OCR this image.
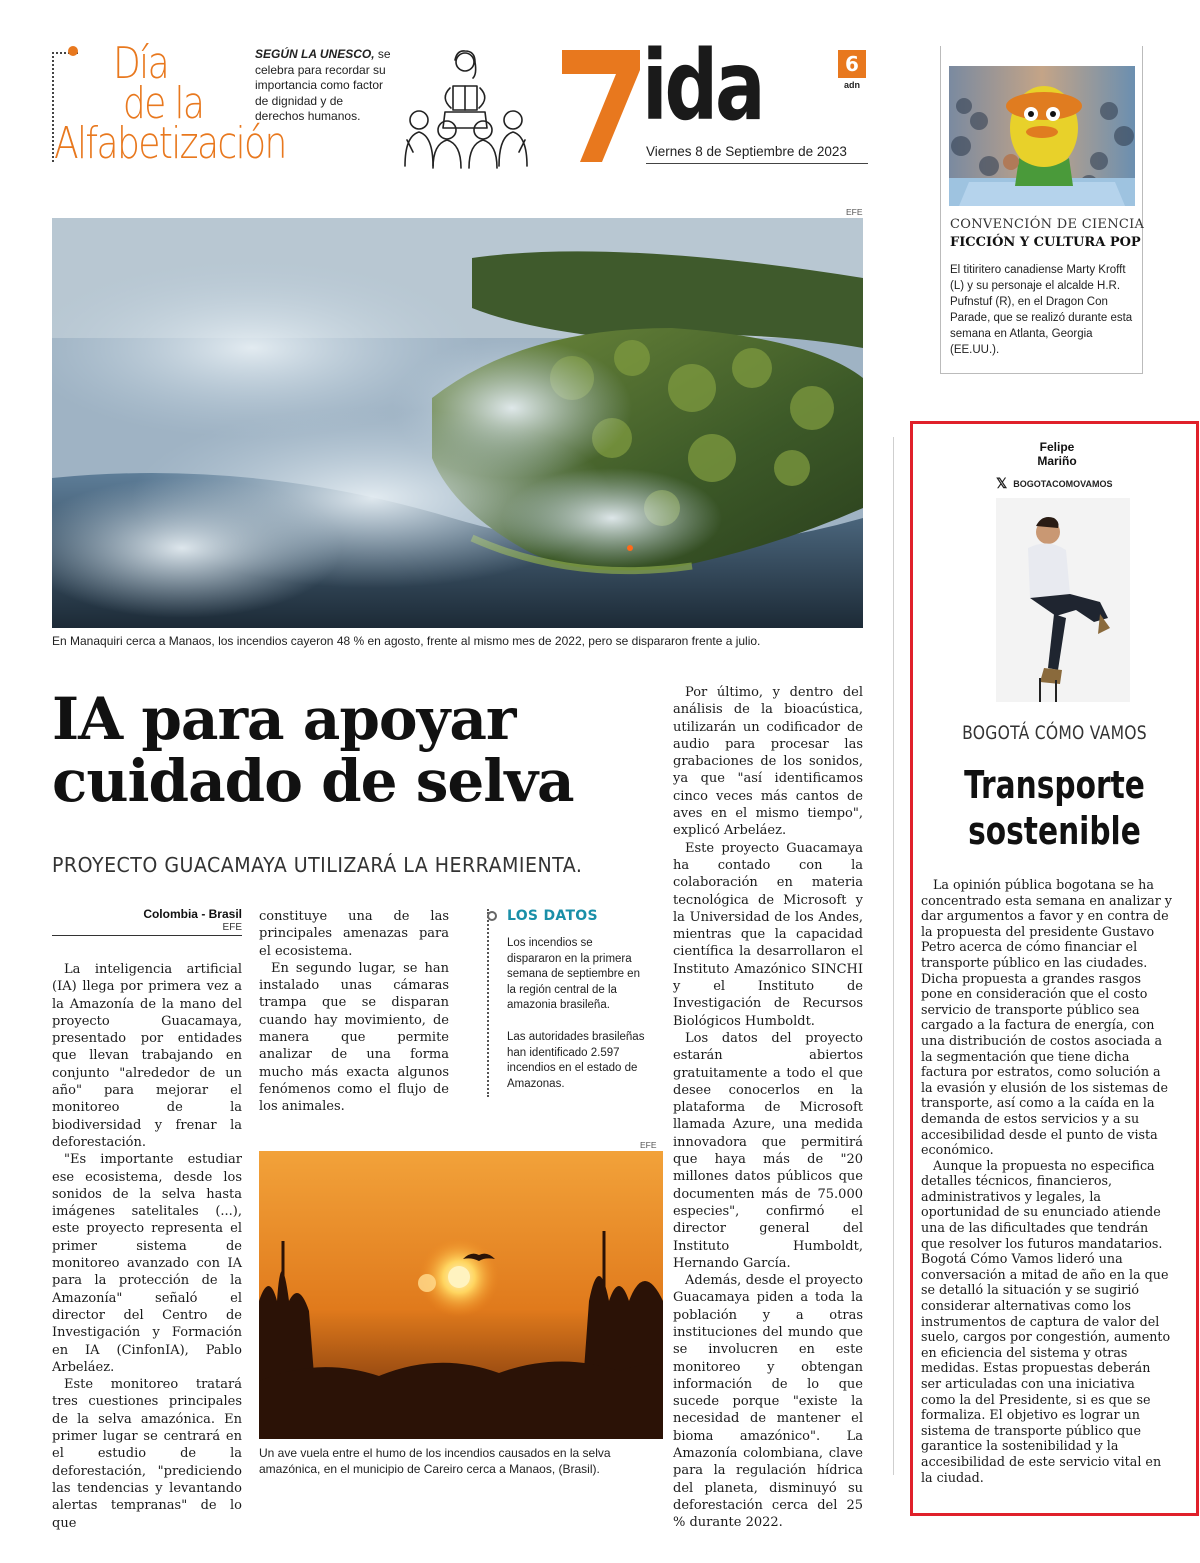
Día
de la
Alfabetización
SEGÚN LA UNESCO, se celebra para recordar su importancia como factor de dignidad y de derechos humanos.	ida
Viernes 8 de Septiembre de 2023
6
adn
CONVENCIÓN DE CIENCIA
FICCIÓN Y CULTURA POP
El titiritero canadiense Marty Krofft (L) y su personaje el alcalde H.R. Pufnstuf (R), en el Dragon Con Parade, que se realizó durante esta semana en Atlanta, Georgia (EE.UU.).
EFE
En Manaquiri cerca a Manaos, los incendios cayeron 48 % en agosto, frente al mismo mes de 2022, pero se dispararon frente a julio.
IA para apoyar
cuidado de selva
PROYECTO GUACAMAYA UTILIZARÁ LA HERRAMIENTA.
Colombia - Brasil
EFE

La inteligencia artificial (IA) llega por primera vez a la Amazonía de la mano del proyecto Guacamaya, presentado por entidades que llevan trabajando en conjunto "alrededor de un año" para mejorar el monitoreo de la biodiversidad y frenar la deforestación.

"Es importante estudiar ese ecosistema, desde los sonidos de la selva hasta imágenes satelitales (...), este proyecto representa el primer sistema de monitoreo avanzado con IA para la protección de la Amazonía" señaló el director del Centro de Investigación y Formación en IA (CinfonIA), Pablo Arbeláez.

Este monitoreo tratará tres cuestiones principales de la selva amazónica. En primer lugar se centrará en el estudio de la deforestación, "prediciendo las tendencias y levantando alertas tempranas" de lo que

constituye una de las principales amenazas para el ecosistema.

En segundo lugar, se han instalado unas cámaras trampa que se disparan cuando hay movimiento, de manera que permite analizar de una forma mucho más exacta algunos fenómenos como el flujo de los animales.

LOS DATOS

Los incendios se dispararon en la primera semana de septiembre en la región central de la amazonia brasileña.

Las autoridades brasileñas han identificado 2.597 incendios en el estado de Amazonas.

EFE
Un ave vuela entre el humo de los incendios causados en la selva amazónica, en el municipio de Careiro cerca a Manaos, (Brasil).

Por último, y dentro del análisis de la bioacústica, utilizarán un codificador de audio para procesar las grabaciones de los sonidos, ya que "así identificamos cinco veces más cantos de aves en el mismo tiempo", explicó Arbeláez.

Este proyecto Guacamaya ha contado con la colaboración en materia tecnológica de Microsoft y la Universidad de los Andes, mientras que la capacidad científica la desarrollaron el Instituto Amazónico SINCHI y el Instituto de Investigación de Recursos Biológicos Humboldt.

Los datos del proyecto estarán abiertos gratuitamente a todo el que desee conocerlos en la plataforma de Microsoft llamada Azure, una medida innovadora que permitirá que haya más de "20 millones datos públicos que documenten más de 75.000 especies", confirmó el director general del Instituto Humboldt, Hernando García.

Además, desde el proyecto Guacamaya piden a toda la población y a otras instituciones del mundo que se involucren en este monitoreo y obtengan información de lo que sucede porque "existe la necesidad de mantener el bioma amazónico". La Amazonía colombiana, clave para la regulación hídrica del planeta, disminuyó su deforestación cerca del 25 % durante 2022.

Felipe
Mariño
𝕏 BOGOTACOMOVAMOS
BOGOTÁ CÓMO VAMOS
Transporte
sostenible

La opinión pública bogotana se ha concentrado esta semana en analizar y dar argumentos a favor y en contra de la propuesta del presidente Gustavo Petro acerca de cómo financiar el transporte público en las ciudades. Dicha propuesta a grandes rasgos pone en consideración que el costo servicio de transporte público sea cargado a la factura de energía, con una distribución de costos asociada a la segmentación que tiene dicha factura por estratos, como solución a la evasión y elusión de los sistemas de transporte, así como a la caída en la demanda de estos servicios y a su accesibilidad desde el punto de vista económico.

Aunque la propuesta no especifica detalles técnicos, financieros, administrativos y legales, la oportunidad de su enunciado atiende una de las dificultades que tendrán que resolver los futuros mandatarios. Bogotá Cómo Vamos lideró una conversación a mitad de año en la que se detalló la situación y se sugirió considerar alternativas como los instrumentos de captura de valor del suelo, cargos por congestión, aumento en eficiencia del sistema y otras medidas. Estas propuestas deberán ser articuladas con una iniciativa como la del Presidente, si es que se formaliza. El objetivo es lograr un sistema de transporte público que garantice la sostenibilidad y la accesibilidad de este servicio vital en la ciudad.
